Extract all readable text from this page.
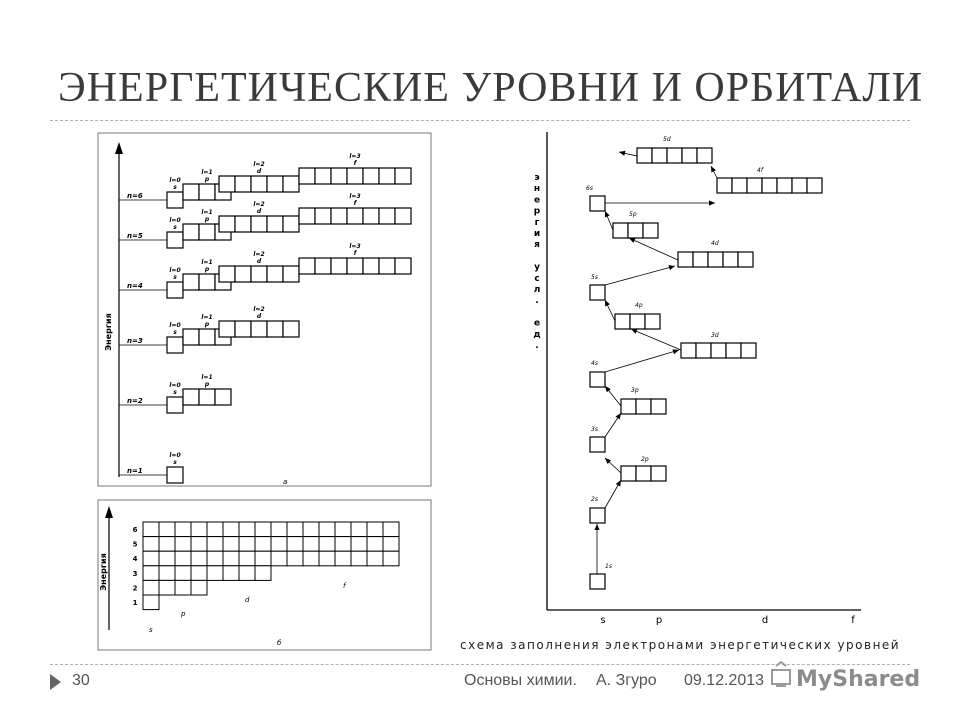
ЭНЕРГЕТИЧЕСКИЕ УРОВНИ И ОРБИТАЛИ
Энергия
n=6
l=0
s
l=1
p
l=2
d
l=3
f
n=5
l=0
s
l=1
p
l=2
d
l=3
f
n=4
l=0
s
l=1
p
l=2
d
l=3
f
n=3
l=0
s
l=1
p
l=2
d
n=2
l=0
s
l=1
p
n=1
l=0
s
а
Энергия
6
5
4
3
2
1
s
p
d
f
б
э
н
е
р
г
и
я
у
с
л
.
е
д
.
s	p	d	f
1s
2s
2p
3s
3p
4s
3d
4p
5s
4d
5p
6s
4f
5d
схема заполнения электронами энергетических уровней
30	Основы химии. А. Згуро 09.12.2013 MyShared
